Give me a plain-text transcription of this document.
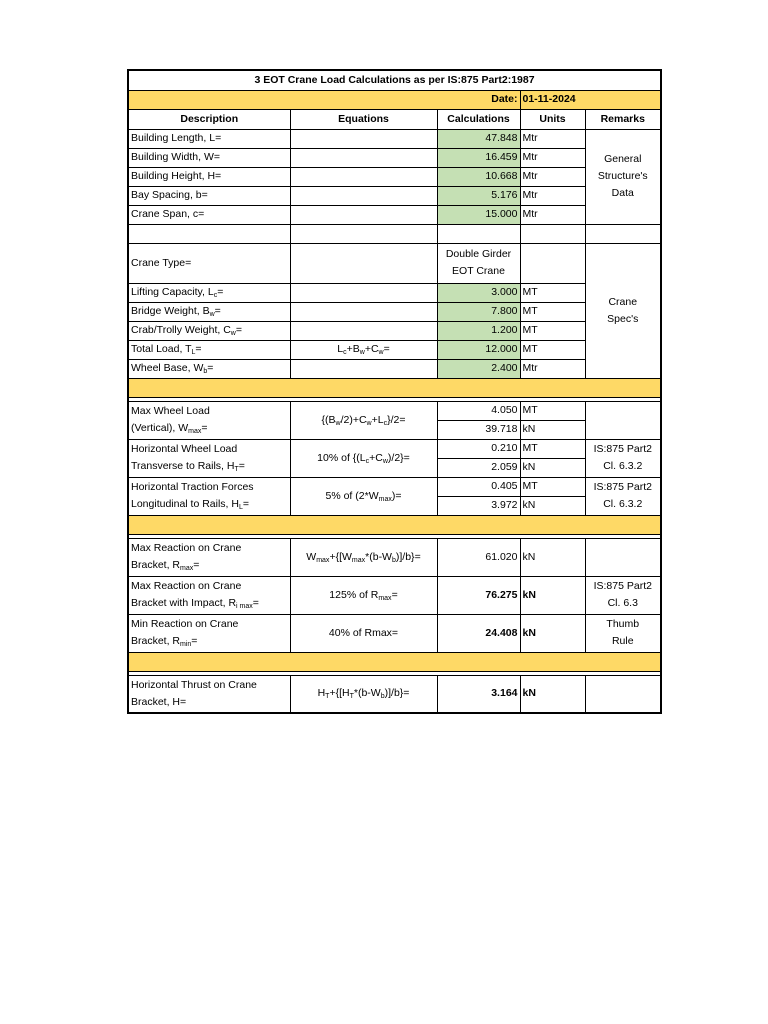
3 EOT Crane Load Calculations as per IS:875 Part2:1987				
Date:			01-11-2024	
Description	Equations	Calculations	Units	Remarks
Building Length, L=		47.848	Mtr	General Structure's Data

Building Width, W=		16.459	Mtr	
Building Height, H=		10.668	Mtr	
Bay Spacing, b=		5.176	Mtr	
Crane Span, c=		15.000	Mtr	

Crane Type=		Double Girder EOT Crane		Crane Spec's

Lifting Capacity, $L_c=$		3.000	MT	
Bridge Weight, $B_w=$		7.800	MT	
Crab/Trolly Weight, $C_w=$		1.200	MT	
Total Load, $T_L=$	$L_c+B_w+C_w=$	12.000	MT	
Wheel Base, $W_b=$		2.400	Mtr	

Max Wheel Load
(Vertical), $W_{max}=$	$\{(B_w/2)+C_w+L_c\}/2=$	4.050	MT	
		39.718	kN	
Horizontal Wheel Load
Transverse to Rails, $H_T=$	10% of $\{(L_c+C_w)/2\}=$	0.210	MT	IS:875 Part2 Cl. 6.3.2

		2.059	kN	
Horizontal Traction Forces
Longitudinal to Rails, $H_L=$	5% of $(2*W_{max})=$	0.405	MT	IS:875 Part2 Cl. 6.3.2

		3.972	kN	

Max Reaction on Crane
Bracket, $R_{max}=$	$W_{max}+\{[W_{max}*(b-W_b)]/b\}=$	61.020	kN	
Max Reaction on Crane
Bracket with Impact, $R_{i max}=$	125% of $R_{max}=$	76.275	kN	IS:875 Part2 Cl. 6.3

Min Reaction on Crane
Bracket, $R_{min}=$	40% of Rmax=	24.408	kN	Thumb Rule

Horizontal Thrust on Crane
Bracket, H=	$H_T+\{[H_T*(b-W_b)]/b\}=$	3.164	kN	
